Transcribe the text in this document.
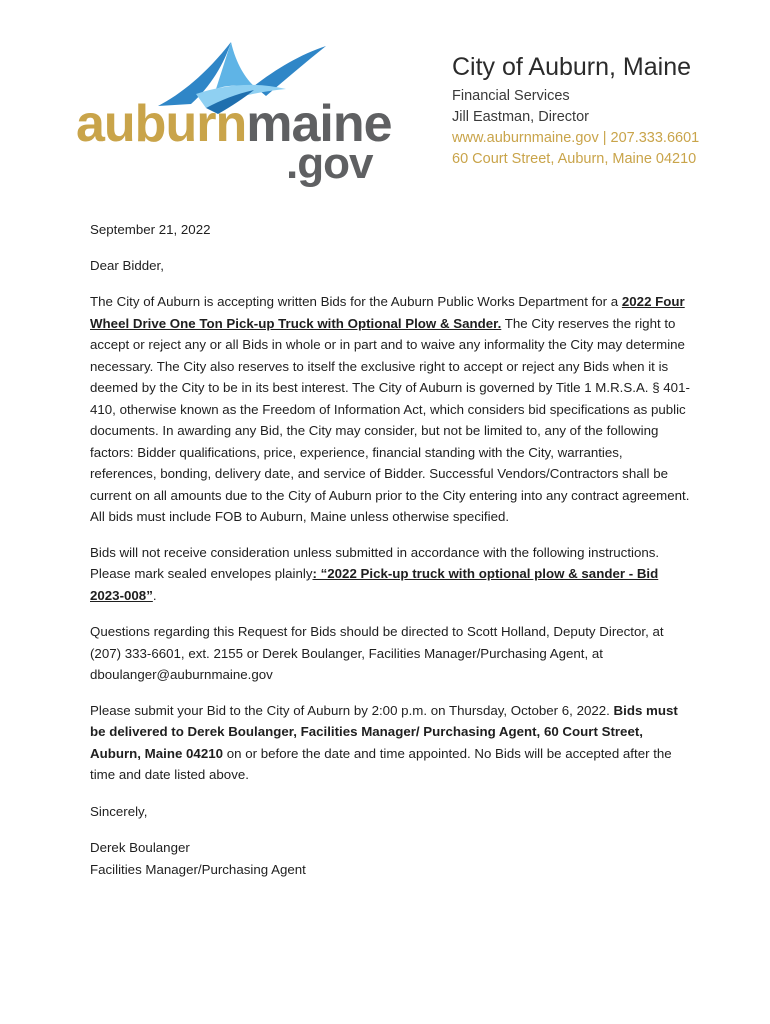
auburnmaine
.gov
City of Auburn, Maine
Financial Services
Jill Eastman, Director
www.auburnmaine.gov | 207.333.6601
60 Court Street, Auburn, Maine 04210

September 21, 2022

Dear Bidder,

The City of Auburn is accepting written Bids for the Auburn Public Works Department for a 2022 Four Wheel Drive One Ton Pick-up Truck with Optional Plow & Sander. The City reserves the right to accept or reject any or all Bids in whole or in part and to waive any informality the City may determine necessary. The City also reserves to itself the exclusive right to accept or reject any Bids when it is deemed by the City to be in its best interest. The City of Auburn is governed by Title 1 M.R.S.A. § 401-410, otherwise known as the Freedom of Information Act, which considers bid specifications as public documents. In awarding any Bid, the City may consider, but not be limited to, any of the following factors: Bidder qualifications, price, experience, financial standing with the City, warranties, references, bonding, delivery date, and service of Bidder. Successful Vendors/Contractors shall be current on all amounts due to the City of Auburn prior to the City entering into any contract agreement. All bids must include FOB to Auburn, Maine unless otherwise specified.

Bids will not receive consideration unless submitted in accordance with the following instructions. Please mark sealed envelopes plainly: “2022 Pick-up truck with optional plow & sander - Bid 2023-008”.

Questions regarding this Request for Bids should be directed to Scott Holland, Deputy Director, at (207) 333-6601, ext. 2155 or Derek Boulanger, Facilities Manager/Purchasing Agent, at dboulanger@auburnmaine.gov

Please submit your Bid to the City of Auburn by 2:00 p.m. on Thursday, October 6, 2022. Bids must be delivered to Derek Boulanger, Facilities Manager/ Purchasing Agent, 60 Court Street, Auburn, Maine 04210 on or before the date and time appointed. No Bids will be accepted after the time and date listed above.

Sincerely,

Derek Boulanger

Facilities Manager/Purchasing Agent
